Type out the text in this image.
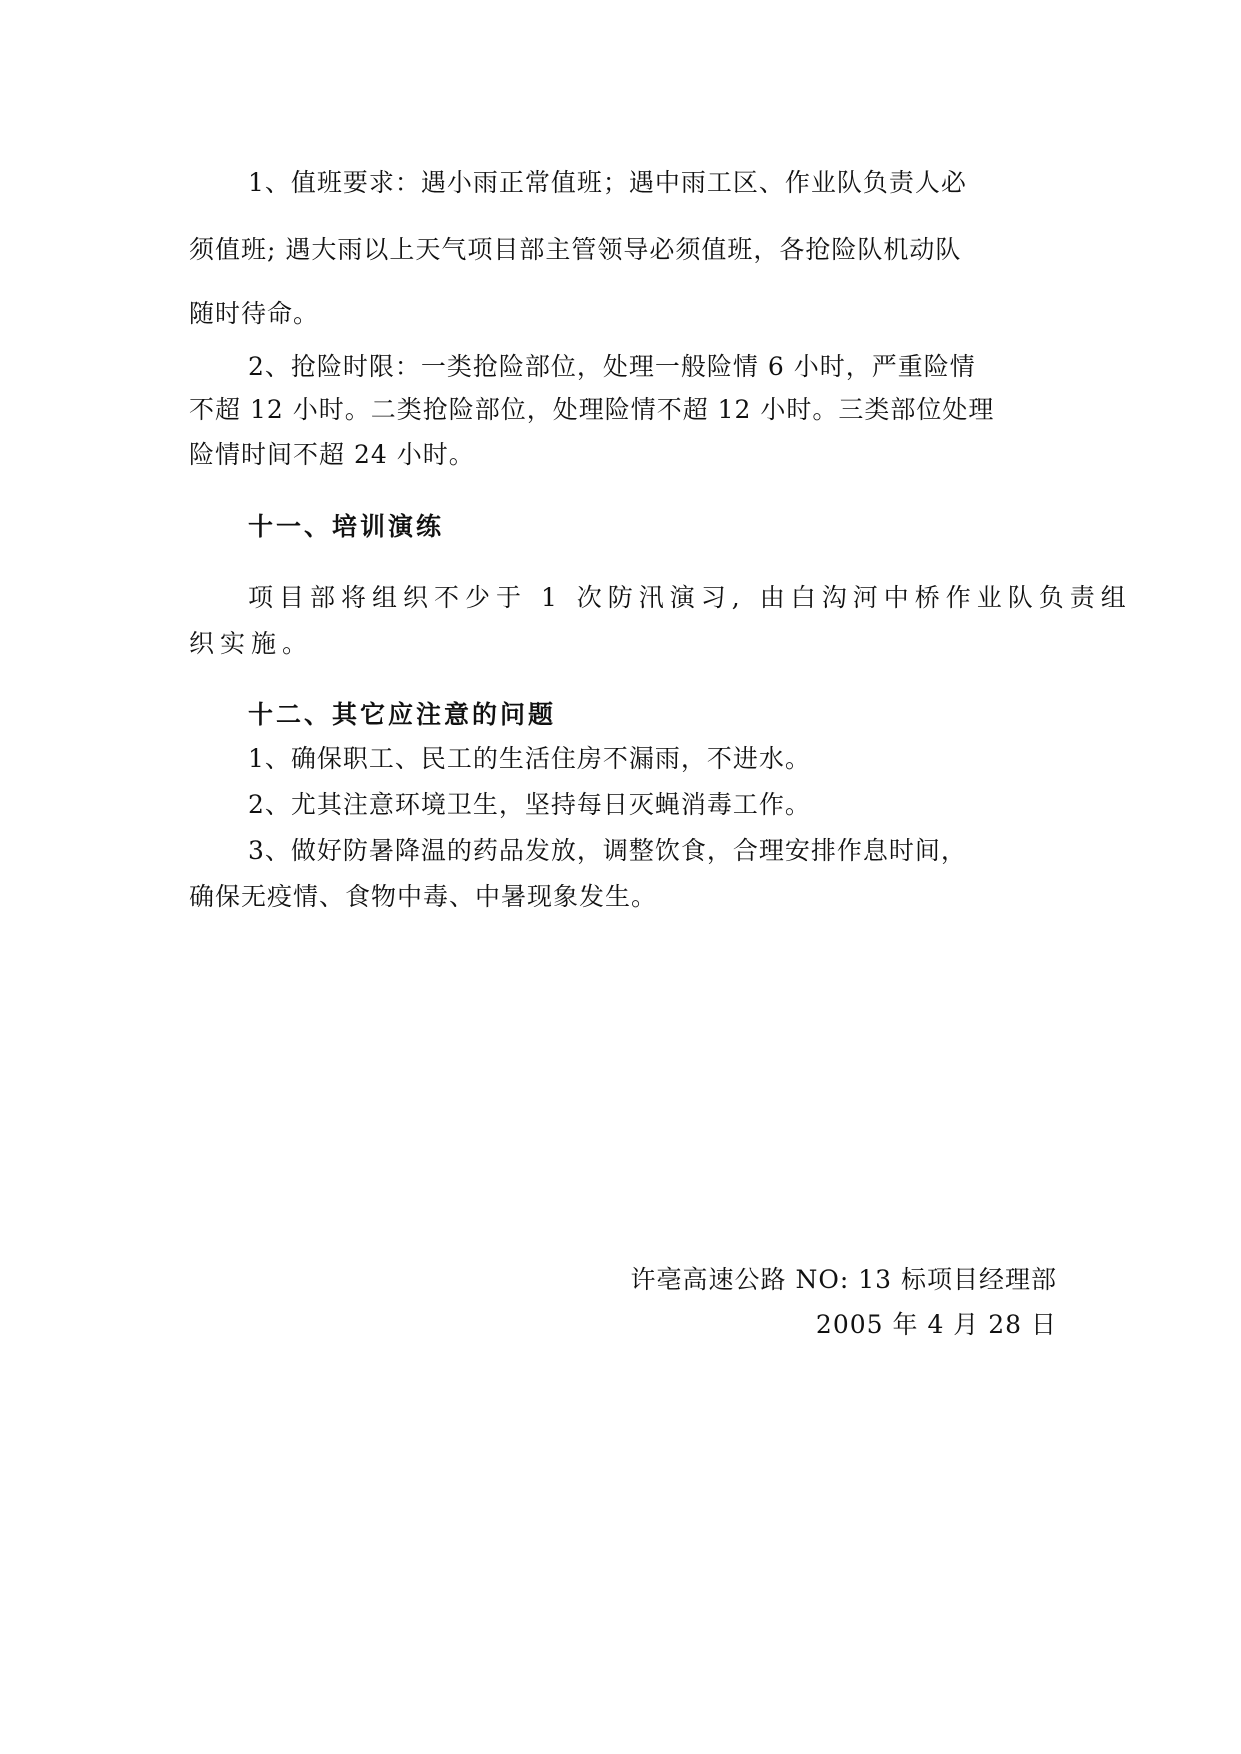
1、值班要求：遇小雨正常值班；遇中雨工区、作业队负责人必
须值班; 遇大雨以上天气项目部主管领导必须值班，各抢险队机动队
随时待命。
2、抢险时限：一类抢险部位，处理一般险情 6 小时，严重险情
不超 12 小时。二类抢险部位，处理险情不超 12 小时。三类部位处理
险情时间不超 24 小时。
十一、培训演练
项目部将组织不少于 1 次防汛演习, 由白沟河中桥作业队负责组
织实施。
十二、其它应注意的问题
1、确保职工、民工的生活住房不漏雨，不进水。
2、尤其注意环境卫生，坚持每日灭蝇消毒工作。
3、做好防暑降温的药品发放，调整饮食，合理安排作息时间，
确保无疫情、食物中毒、中暑现象发生。
许亳高速公路 NO: 13 标项目经理部
2005 年 4 月 28 日
